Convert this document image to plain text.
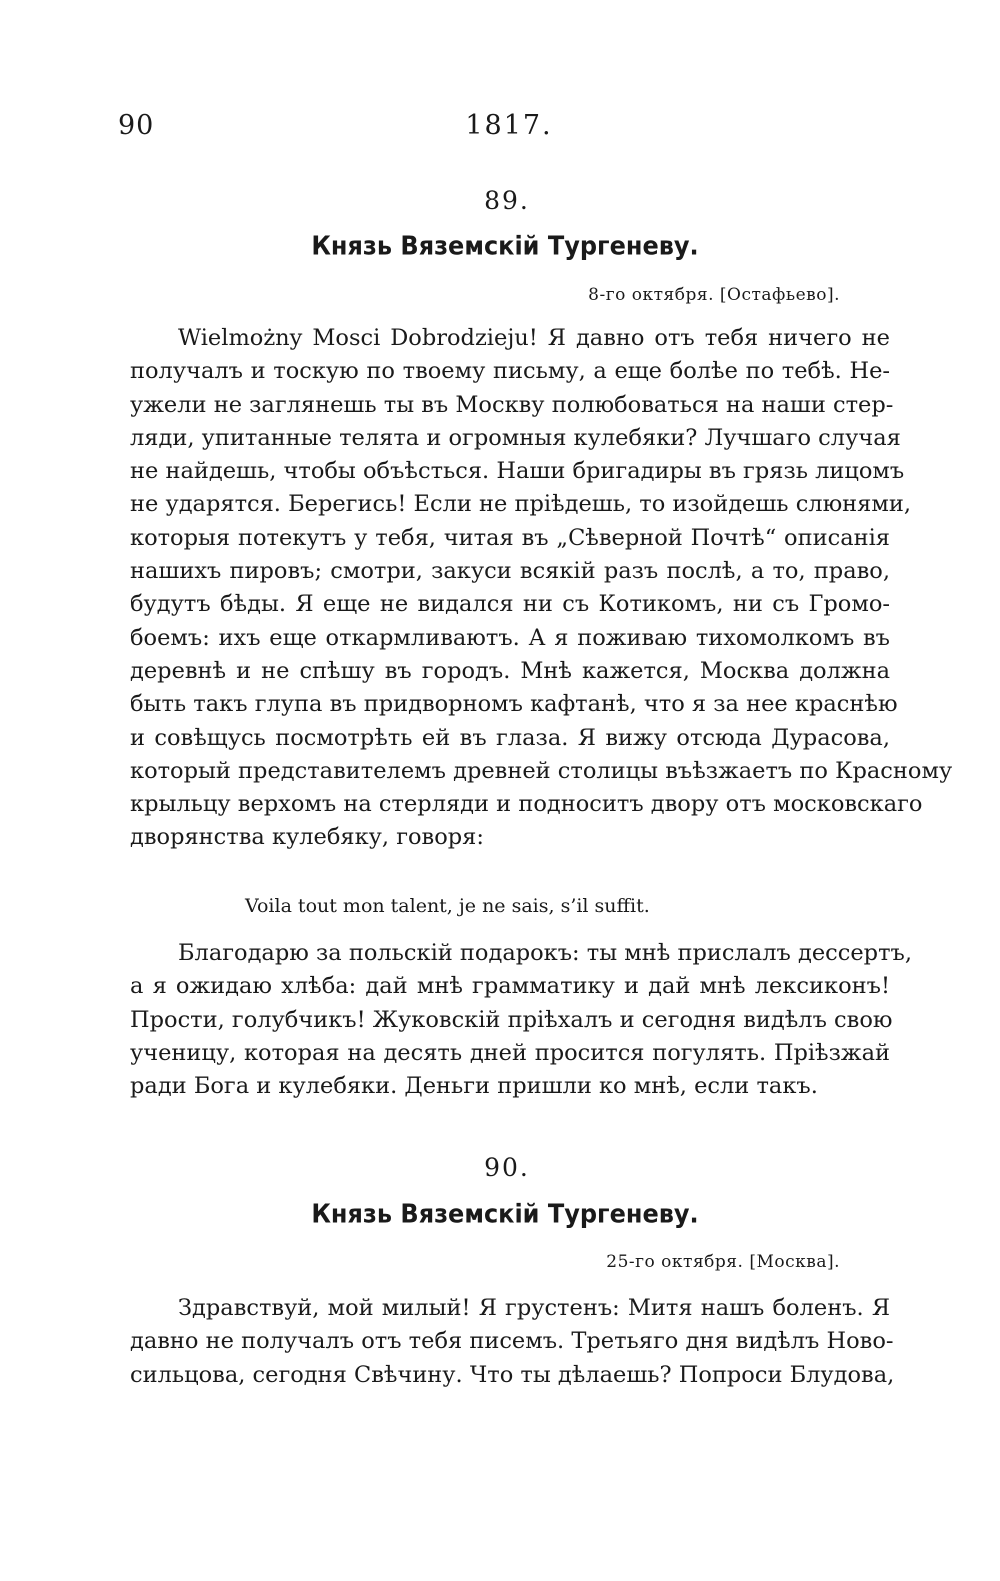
90	1817.
89.
Князь Вяземскій Тургеневу.
8-го октября. [Остафьево].
Wielmożny Mosci Dobrodzieju! Я давно отъ тебя ничего не
получалъ и тоскую по твоему письму, а еще болѣе по тебѣ. Не-
ужели не заглянешь ты въ Москву полюбоваться на наши стер-
ляди, упитанные телята и огромныя кулебяки? Лучшаго случая
не найдешь, чтобы объѣсться. Наши бригадиры въ грязь лицомъ
не ударятся. Берегись! Если не пріѣдешь, то изойдешь слюнями,
которыя потекутъ у тебя, читая въ „Сѣверной Почтѣ“ описанія
нашихъ пировъ; смотри, закуси всякій разъ послѣ, а то, право,
будутъ бѣды. Я еще не видался ни съ Котикомъ, ни съ Громо-
боемъ: ихъ еще откармливаютъ. А я поживаю тихомолкомъ въ
деревнѣ и не спѣшу въ городъ. Мнѣ кажется, Москва должна
быть такъ глупа въ придворномъ кафтанѣ, что я за нее краснѣю
и совѣщусь посмотрѣть ей въ глаза. Я вижу отсюда Дурасова,
который представителемъ древней столицы въѣзжаетъ по Красному
крыльцу верхомъ на стерляди и подноситъ двору отъ московскаго
дворянства кулебяку, говоря:
Voila tout mon talent, je ne sais, s’il suffit.
Благодарю за польскій подарокъ: ты мнѣ прислалъ дессертъ,
а я ожидаю хлѣба: дай мнѣ грамматику и дай мнѣ лексиконъ!
Прости, голубчикъ! Жуковскій пріѣхалъ и сегодня видѣлъ свою
ученицу, которая на десять дней просится погулять. Пріѣзжай
ради Бога и кулебяки. Деньги пришли ко мнѣ, если такъ.
90.
Князь Вяземскій Тургеневу.
25-го октября. [Москва].
Здравствуй, мой милый! Я грустенъ: Митя нашъ боленъ. Я
давно не получалъ отъ тебя писемъ. Третьяго дня видѣлъ Ново-
сильцова, сегодня Свѣчину. Что ты дѣлаешь? Попроси Блудова,
